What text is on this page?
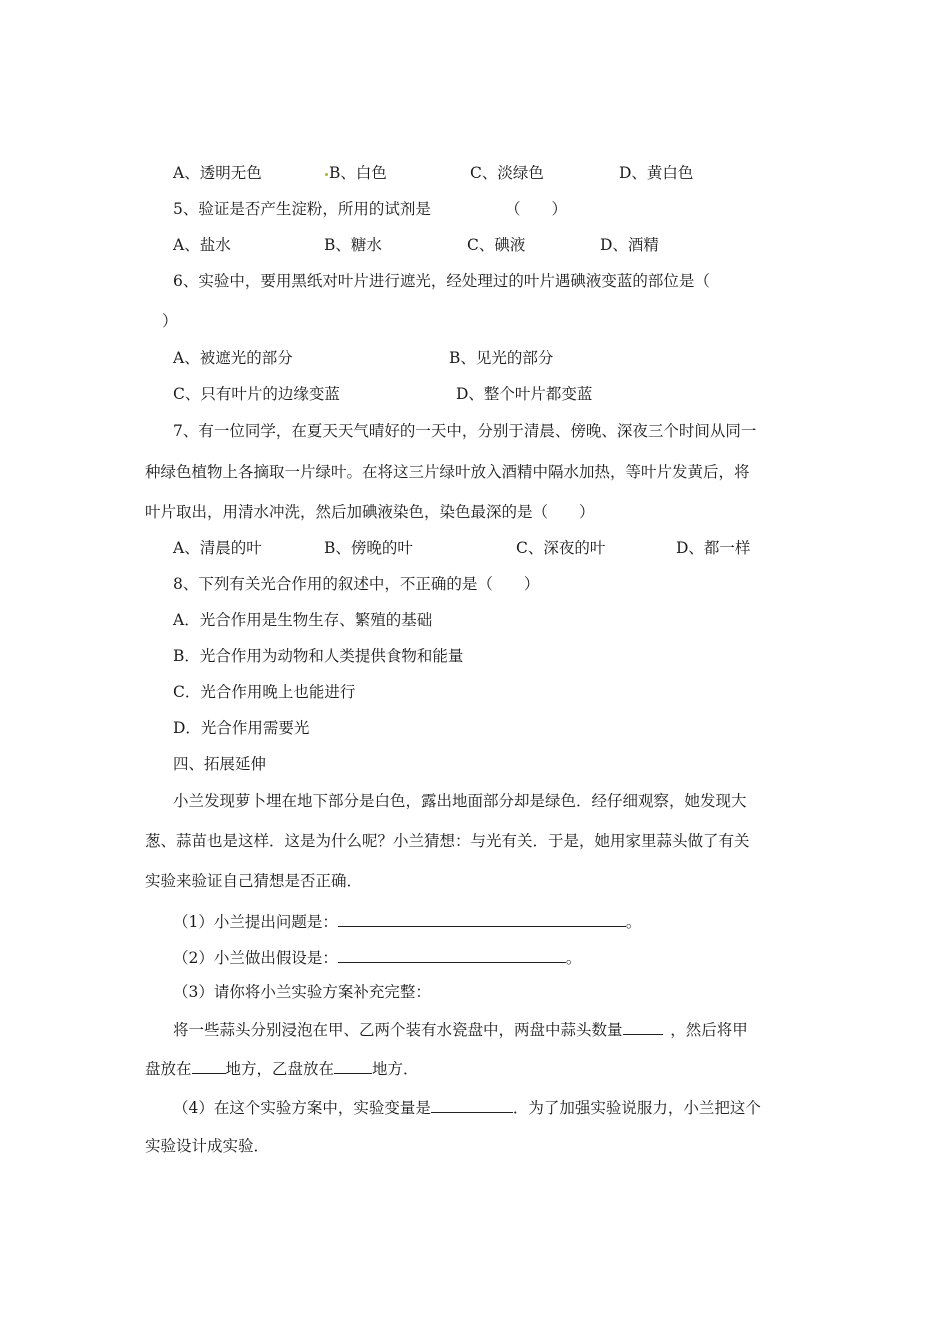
A、透明无色	B、白色	C、淡绿色	D、黄白色
5、验证是否产生淀粉，所用的试剂是	（　　）
A、盐水	B、糖水	C、碘液	D、酒精
6、实验中，要用黑纸对叶片进行遮光，经处理过的叶片遇碘液变蓝的部位是（
）
A、被遮光的部分	B、见光的部分
C、只有叶片的边缘变蓝	D、整个叶片都变蓝
7、有一位同学，在夏天天气晴好的一天中，分别于清晨、傍晚、深夜三个时间从同一
种绿色植物上各摘取一片绿叶。在将这三片绿叶放入酒精中隔水加热，等叶片发黄后，将
叶片取出，用清水冲洗，然后加碘液染色，染色最深的是（　　）
A、清晨的叶	B、傍晚的叶	C、深夜的叶	D、都一样
8、下列有关光合作用的叙述中，不正确的是（　　）
A．光合作用是生物生存、繁殖的基础
B．光合作用为动物和人类提供食物和能量
C．光合作用晚上也能进行
D．光合作用需要光
四、拓展延伸
小兰发现萝卜埋在地下部分是白色，露出地面部分却是绿色．经仔细观察，她发现大
葱、蒜苗也是这样．这是为什么呢？小兰猜想：与光有关．于是，她用家里蒜头做了有关
实验来验证自己猜想是否正确．
（1）小兰提出问题是：	。
（2）小兰做出假设是：	。
（3）请你将小兰实验方案补充完整：
将一些蒜头分别浸泡在甲、乙两个装有水瓷盘中，两盘中蒜头数量 	，然后将甲
盘放在 地方，乙盘放在 地方．
（4）在这个实验方案中，实验变量是	．为了加强实验说服力，小兰把这个
实验设计成实验．
